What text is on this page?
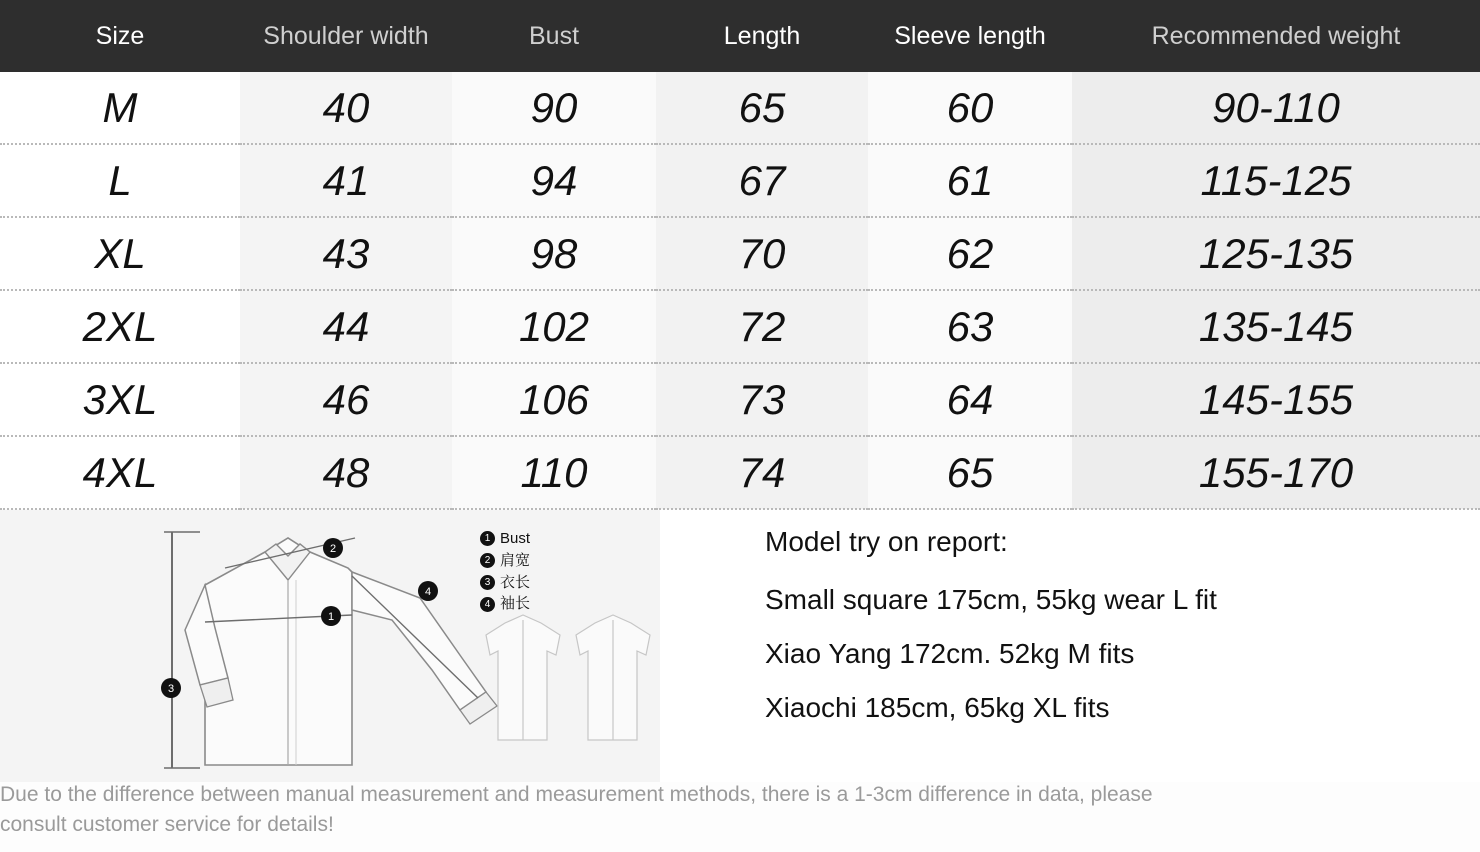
Size	Shoulder width	Bust	Length	Sleeve length	Recommended weight
M	40	90	65	60	90-110
L	41	94	67	61	115-125
XL	43	98	70	62	125-135
2XL	44	102	72	63	135-145
3XL	46	106	73	64	145-155
4XL	48	110	74	65	155-170
1
2
3
4
1 Bust
2 肩宽
3 衣长
4 袖长
Model try on report:
Small square 175cm, 55kg wear L fit
Xiao Yang 172cm. 52kg M fits
Xiaochi 185cm, 65kg XL fits
Due to the difference between manual measurement and measurement methods, there is a 1-3cm difference in data, please
consult customer service for details!
